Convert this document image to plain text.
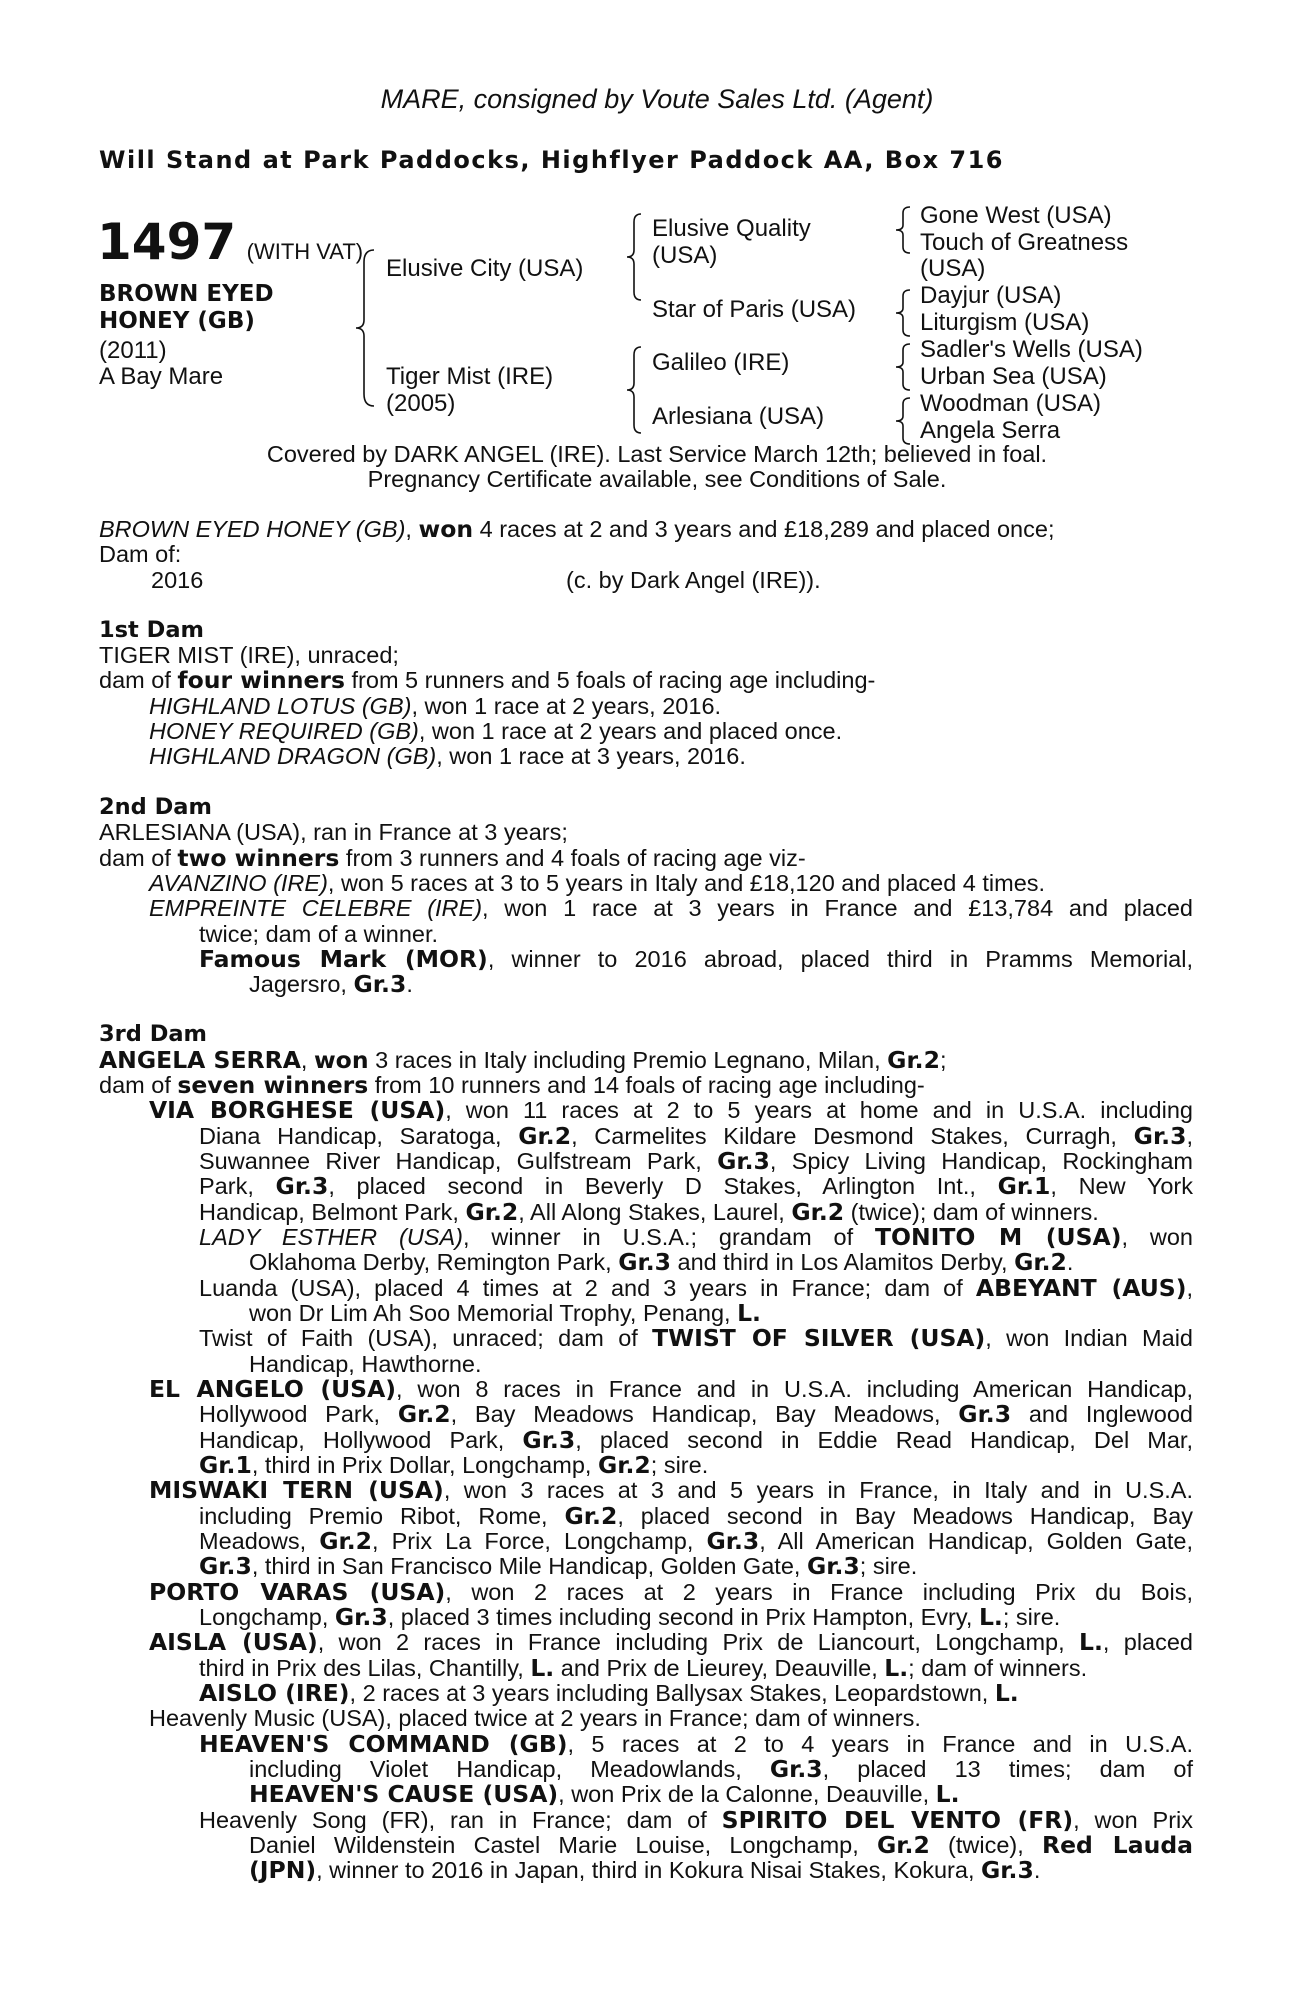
MARE, consigned by Voute Sales Ltd. (Agent)
Will Stand at Park Paddocks, Highflyer Paddock AA, Box 716
1497 (WITH VAT)
BROWN EYED
HONEY (GB)
(2011)
A Bay Mare
Elusive City (USA)
Tiger Mist (IRE)
(2005)
Elusive Quality
(USA)
Star of Paris (USA)
Galileo (IRE)
Arlesiana (USA)
Gone West (USA)
Touch of Greatness
(USA)
Dayjur (USA)
Liturgism (USA)
Sadler's Wells (USA)
Urban Sea (USA)
Woodman (USA)
Angela Serra
Covered by DARK ANGEL (IRE). Last Service March 12th; believed in foal.
Pregnancy Certificate available, see Conditions of Sale.
BROWN EYED HONEY (GB), won 4 races at 2 and 3 years and £18,289 and placed once;
Dam of:
2016	(c. by Dark Angel (IRE)).
1st Dam
TIGER MIST (IRE), unraced;
dam of four winners from 5 runners and 5 foals of racing age including-
HIGHLAND LOTUS (GB), won 1 race at 2 years, 2016.
HONEY REQUIRED (GB), won 1 race at 2 years and placed once.
HIGHLAND DRAGON (GB), won 1 race at 3 years, 2016.
2nd Dam
ARLESIANA (USA), ran in France at 3 years;
dam of two winners from 3 runners and 4 foals of racing age viz-
AVANZINO (IRE), won 5 races at 3 to 5 years in Italy and £18,120 and placed 4 times.
EMPREINTE CELEBRE (IRE), won 1 race at 3 years in France and £13,784 and placed
twice; dam of a winner.
Famous Mark (MOR), winner to 2016 abroad, placed third in Pramms Memorial,
Jagersro, Gr.3.
3rd Dam
ANGELA SERRA, won 3 races in Italy including Premio Legnano, Milan, Gr.2;
dam of seven winners from 10 runners and 14 foals of racing age including-
VIA BORGHESE (USA), won 11 races at 2 to 5 years at home and in U.S.A. including
Diana Handicap, Saratoga, Gr.2, Carmelites Kildare Desmond Stakes, Curragh, Gr.3,
Suwannee River Handicap, Gulfstream Park, Gr.3, Spicy Living Handicap, Rockingham
Park, Gr.3, placed second in Beverly D Stakes, Arlington Int., Gr.1, New York
Handicap, Belmont Park, Gr.2, All Along Stakes, Laurel, Gr.2 (twice); dam of winners.
LADY ESTHER (USA), winner in U.S.A.; grandam of TONITO M (USA), won
Oklahoma Derby, Remington Park, Gr.3 and third in Los Alamitos Derby, Gr.2.
Luanda (USA), placed 4 times at 2 and 3 years in France; dam of ABEYANT (AUS),
won Dr Lim Ah Soo Memorial Trophy, Penang, L.
Twist of Faith (USA), unraced; dam of TWIST OF SILVER (USA), won Indian Maid
Handicap, Hawthorne.
EL ANGELO (USA), won 8 races in France and in U.S.A. including American Handicap,
Hollywood Park, Gr.2, Bay Meadows Handicap, Bay Meadows, Gr.3 and Inglewood
Handicap, Hollywood Park, Gr.3, placed second in Eddie Read Handicap, Del Mar,
Gr.1, third in Prix Dollar, Longchamp, Gr.2; sire.
MISWAKI TERN (USA), won 3 races at 3 and 5 years in France, in Italy and in U.S.A.
including Premio Ribot, Rome, Gr.2, placed second in Bay Meadows Handicap, Bay
Meadows, Gr.2, Prix La Force, Longchamp, Gr.3, All American Handicap, Golden Gate,
Gr.3, third in San Francisco Mile Handicap, Golden Gate, Gr.3; sire.
PORTO VARAS (USA), won 2 races at 2 years in France including Prix du Bois,
Longchamp, Gr.3, placed 3 times including second in Prix Hampton, Evry, L.; sire.
AISLA (USA), won 2 races in France including Prix de Liancourt, Longchamp, L., placed
third in Prix des Lilas, Chantilly, L. and Prix de Lieurey, Deauville, L.; dam of winners.
AISLO (IRE), 2 races at 3 years including Ballysax Stakes, Leopardstown, L.
Heavenly Music (USA), placed twice at 2 years in France; dam of winners.
HEAVEN'S COMMAND (GB), 5 races at 2 to 4 years in France and in U.S.A.
including Violet Handicap, Meadowlands, Gr.3, placed 13 times; dam of
HEAVEN'S CAUSE (USA), won Prix de la Calonne, Deauville, L.
Heavenly Song (FR), ran in France; dam of SPIRITO DEL VENTO (FR), won Prix
Daniel Wildenstein Castel Marie Louise, Longchamp, Gr.2 (twice), Red Lauda
(JPN), winner to 2016 in Japan, third in Kokura Nisai Stakes, Kokura, Gr.3.
